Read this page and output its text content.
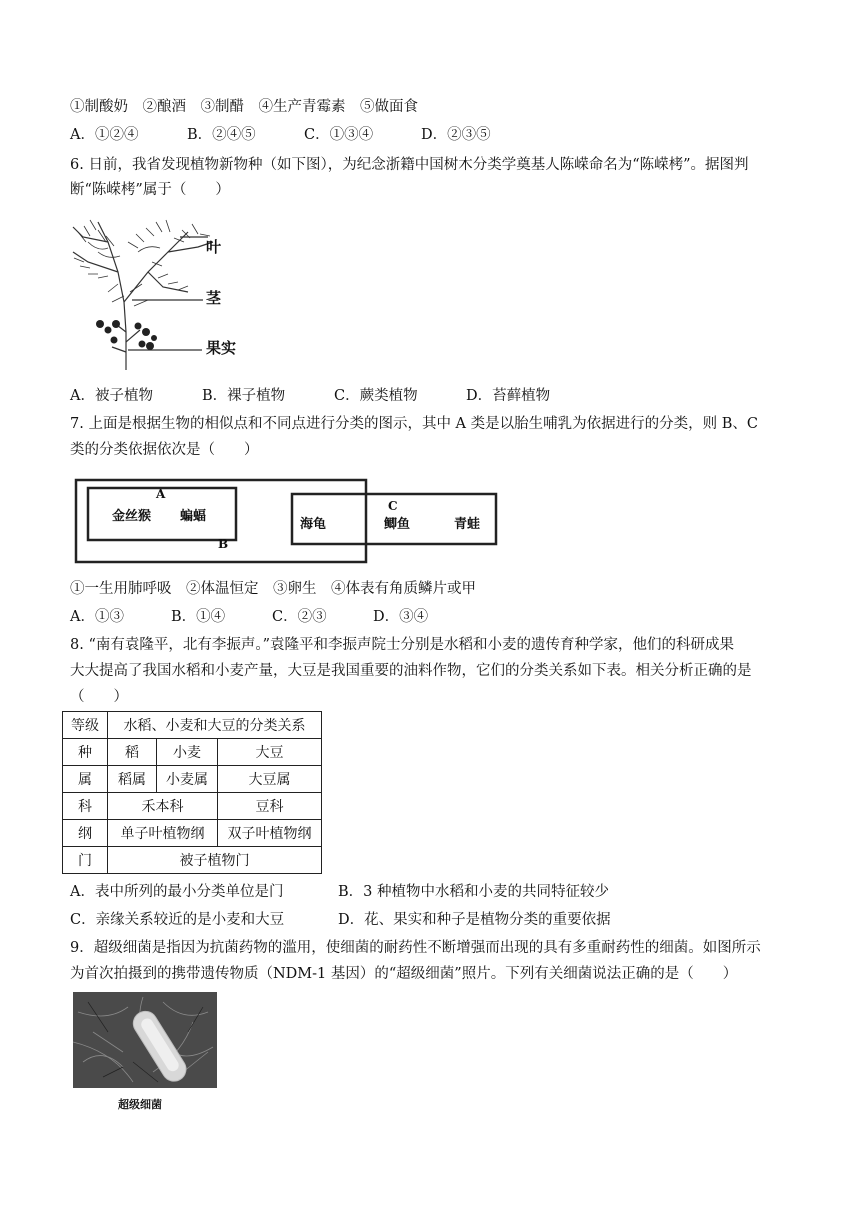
①制酸奶　②酿酒　③制醋　④生产青霉素　⑤做面食
A．①②④	B．②④⑤	C．①③④	D．②③⑤
6. 日前，我省发现植物新物种（如下图），为纪念浙籍中国树木分类学奠基人陈嵘命名为“陈嵘栲”。据图判
断“陈嵘栲”属于（　　）
叶
茎
果实
A．被子植物	B．裸子植物	C．蕨类植物	D．苔藓植物
7. 上面是根据生物的相似点和不同点进行分类的图示，其中 A 类是以胎生哺乳为依据进行的分类，则 B、C
类的分类依据依次是（　　）
A
B
C
金丝猴 蝙蝠
海龟	鲫鱼	青蛙
①一生用肺呼吸　②体温恒定　③卵生　④体表有角质鳞片或甲
A．①③	B．①④	C．②③	D．③④
8. “南有袁隆平，北有李振声。”袁隆平和李振声院士分别是水稻和小麦的遗传育种学家，他们的科研成果
大大提高了我国水稻和小麦产量，大豆是我国重要的油料作物，它们的分类关系如下表。相关分析正确的是
（　　）
等级	水稻、小麦和大豆的分类关系		
种	稻	小麦	大豆
属	稻属	小麦属	大豆属
科	禾本科		豆科
纲	单子叶植物纲		双子叶植物纲
门	被子植物门		
A．表中所列的最小分类单位是门	B．3 种植物中水稻和小麦的共同特征较少
C．亲缘关系较近的是小麦和大豆	D．花、果实和种子是植物分类的重要依据
9．超级细菌是指因为抗菌药物的滥用，使细菌的耐药性不断增强而出现的具有多重耐药性的细菌。如图所示
为首次拍摄到的携带遗传物质（NDM-1 基因）的“超级细菌”照片。下列有关细菌说法正确的是（　　）
超级细菌
